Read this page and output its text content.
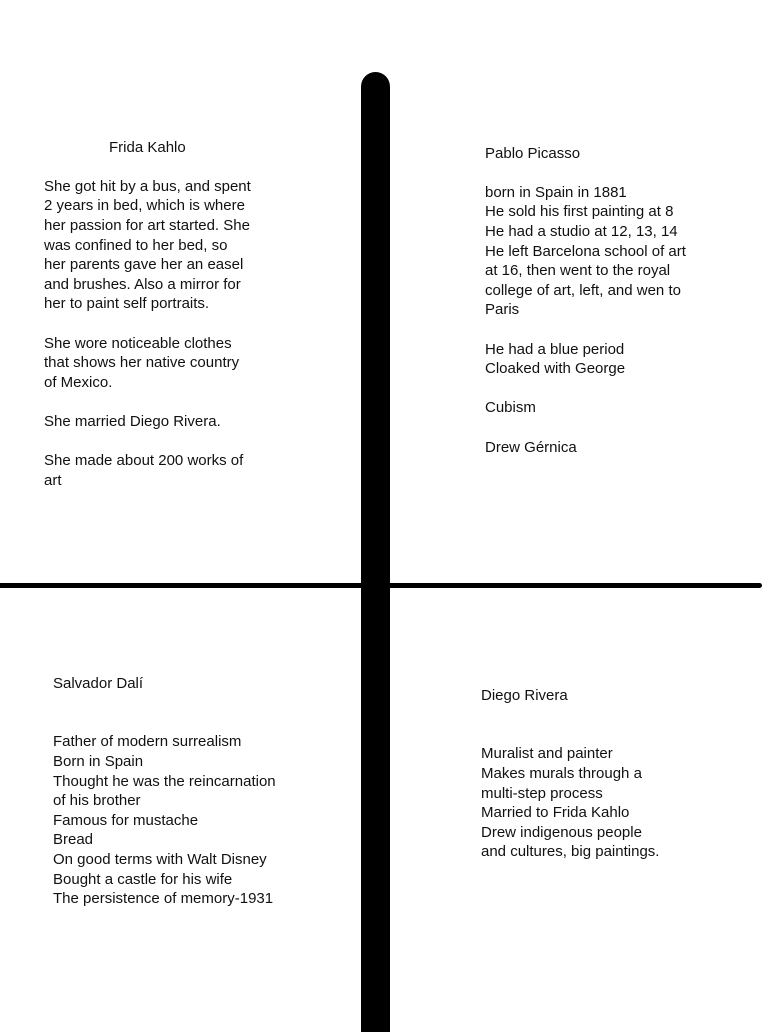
Frida Kahlo

She got hit by a bus, and spent
2 years in bed, which is where
her passion for art started. She
was confined to her bed, so
her parents gave her an easel
and brushes. Also a mirror for
her to paint self portraits.
She wore noticeable clothes
that shows her native country
of Mexico.
She married Diego Rivera.
She made about 200 works of
art

Pablo Picasso

born in Spain in 1881
He sold his first painting at 8
He had a studio at 12, 13, 14
He left Barcelona school of art
at 16, then went to the royal
college of art, left, and wen to
Paris
He had a blue period
Cloaked with George
Cubism
Drew Gérnica

Salvador Dalí

Father of modern surrealism
Born in Spain
Thought he was the reincarnation
of his brother
Famous for mustache
Bread
On good terms with Walt Disney
Bought a castle for his wife
The persistence of memory-1931

Diego Rivera

Muralist and painter
Makes murals through a
multi-step process
Married to Frida Kahlo
Drew indigenous people
and cultures, big paintings.
